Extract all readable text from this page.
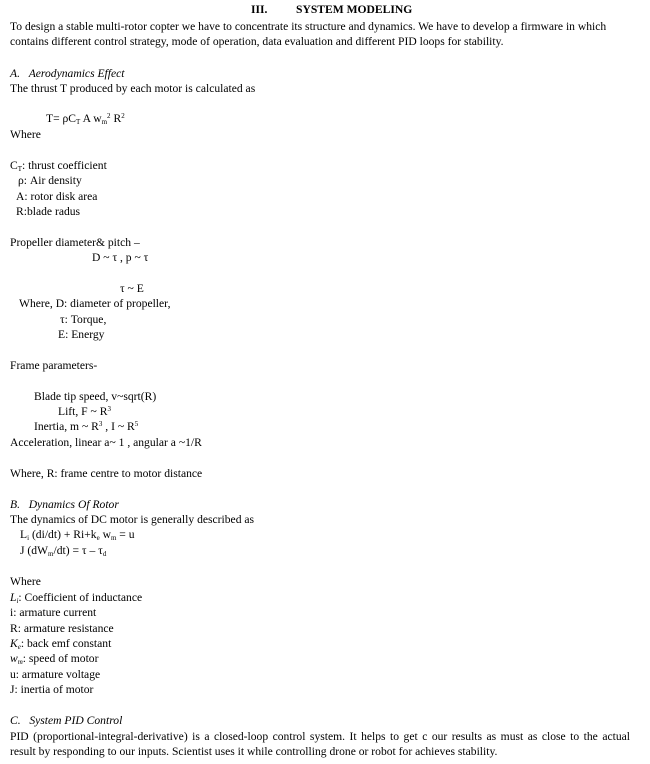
III. SYSTEM MODELING
To design a stable multi-rotor copter we have to concentrate its structure and dynamics. We have to develop a firmware in which
contains different control strategy, mode of operation, data evaluation and different PID loops for stability.
A. Aerodynamics Effect
The thrust T produced by each motor is calculated as
$T= \rho C_T$ A $w_m^2$ $R^2$
Where
$C_T$: thrust coefficient
ρ: Air density
A: rotor disk area
R:blade radus
Propeller diameter& pitch –
D ~ τ , p ~ τ
τ ~ E
Where, D: diameter of propeller,
τ: Torque,
E: Energy
Frame parameters-
Blade tip speed, v~sqrt(R)
Lift, F ~ $R^3$
Inertia, m ~ $R^3$ , I ~ $R^5$
Acceleration, linear a~ 1 , angular a ~1/R
Where, R: frame centre to motor distance
B. Dynamics Of Rotor
The dynamics of DC motor is generally described as
$L_i$ $(di/dt) + Ri+k_e$ $w_m = u$
J $(dW_m/dt) = \tau - \tau_d$
Where
$L_i$: Coefficient of inductance
i: armature current
R: armature resistance
$K_e$: back emf constant
$w_m$: speed of motor
u: armature voltage
J: inertia of motor
C. System PID Control
PID (proportional-integral-derivative) is a closed-loop control system. It helps to get c our results as must as close to the actual
result by responding to our inputs. Scientist uses it while controlling drone or robot for achieves stability.
